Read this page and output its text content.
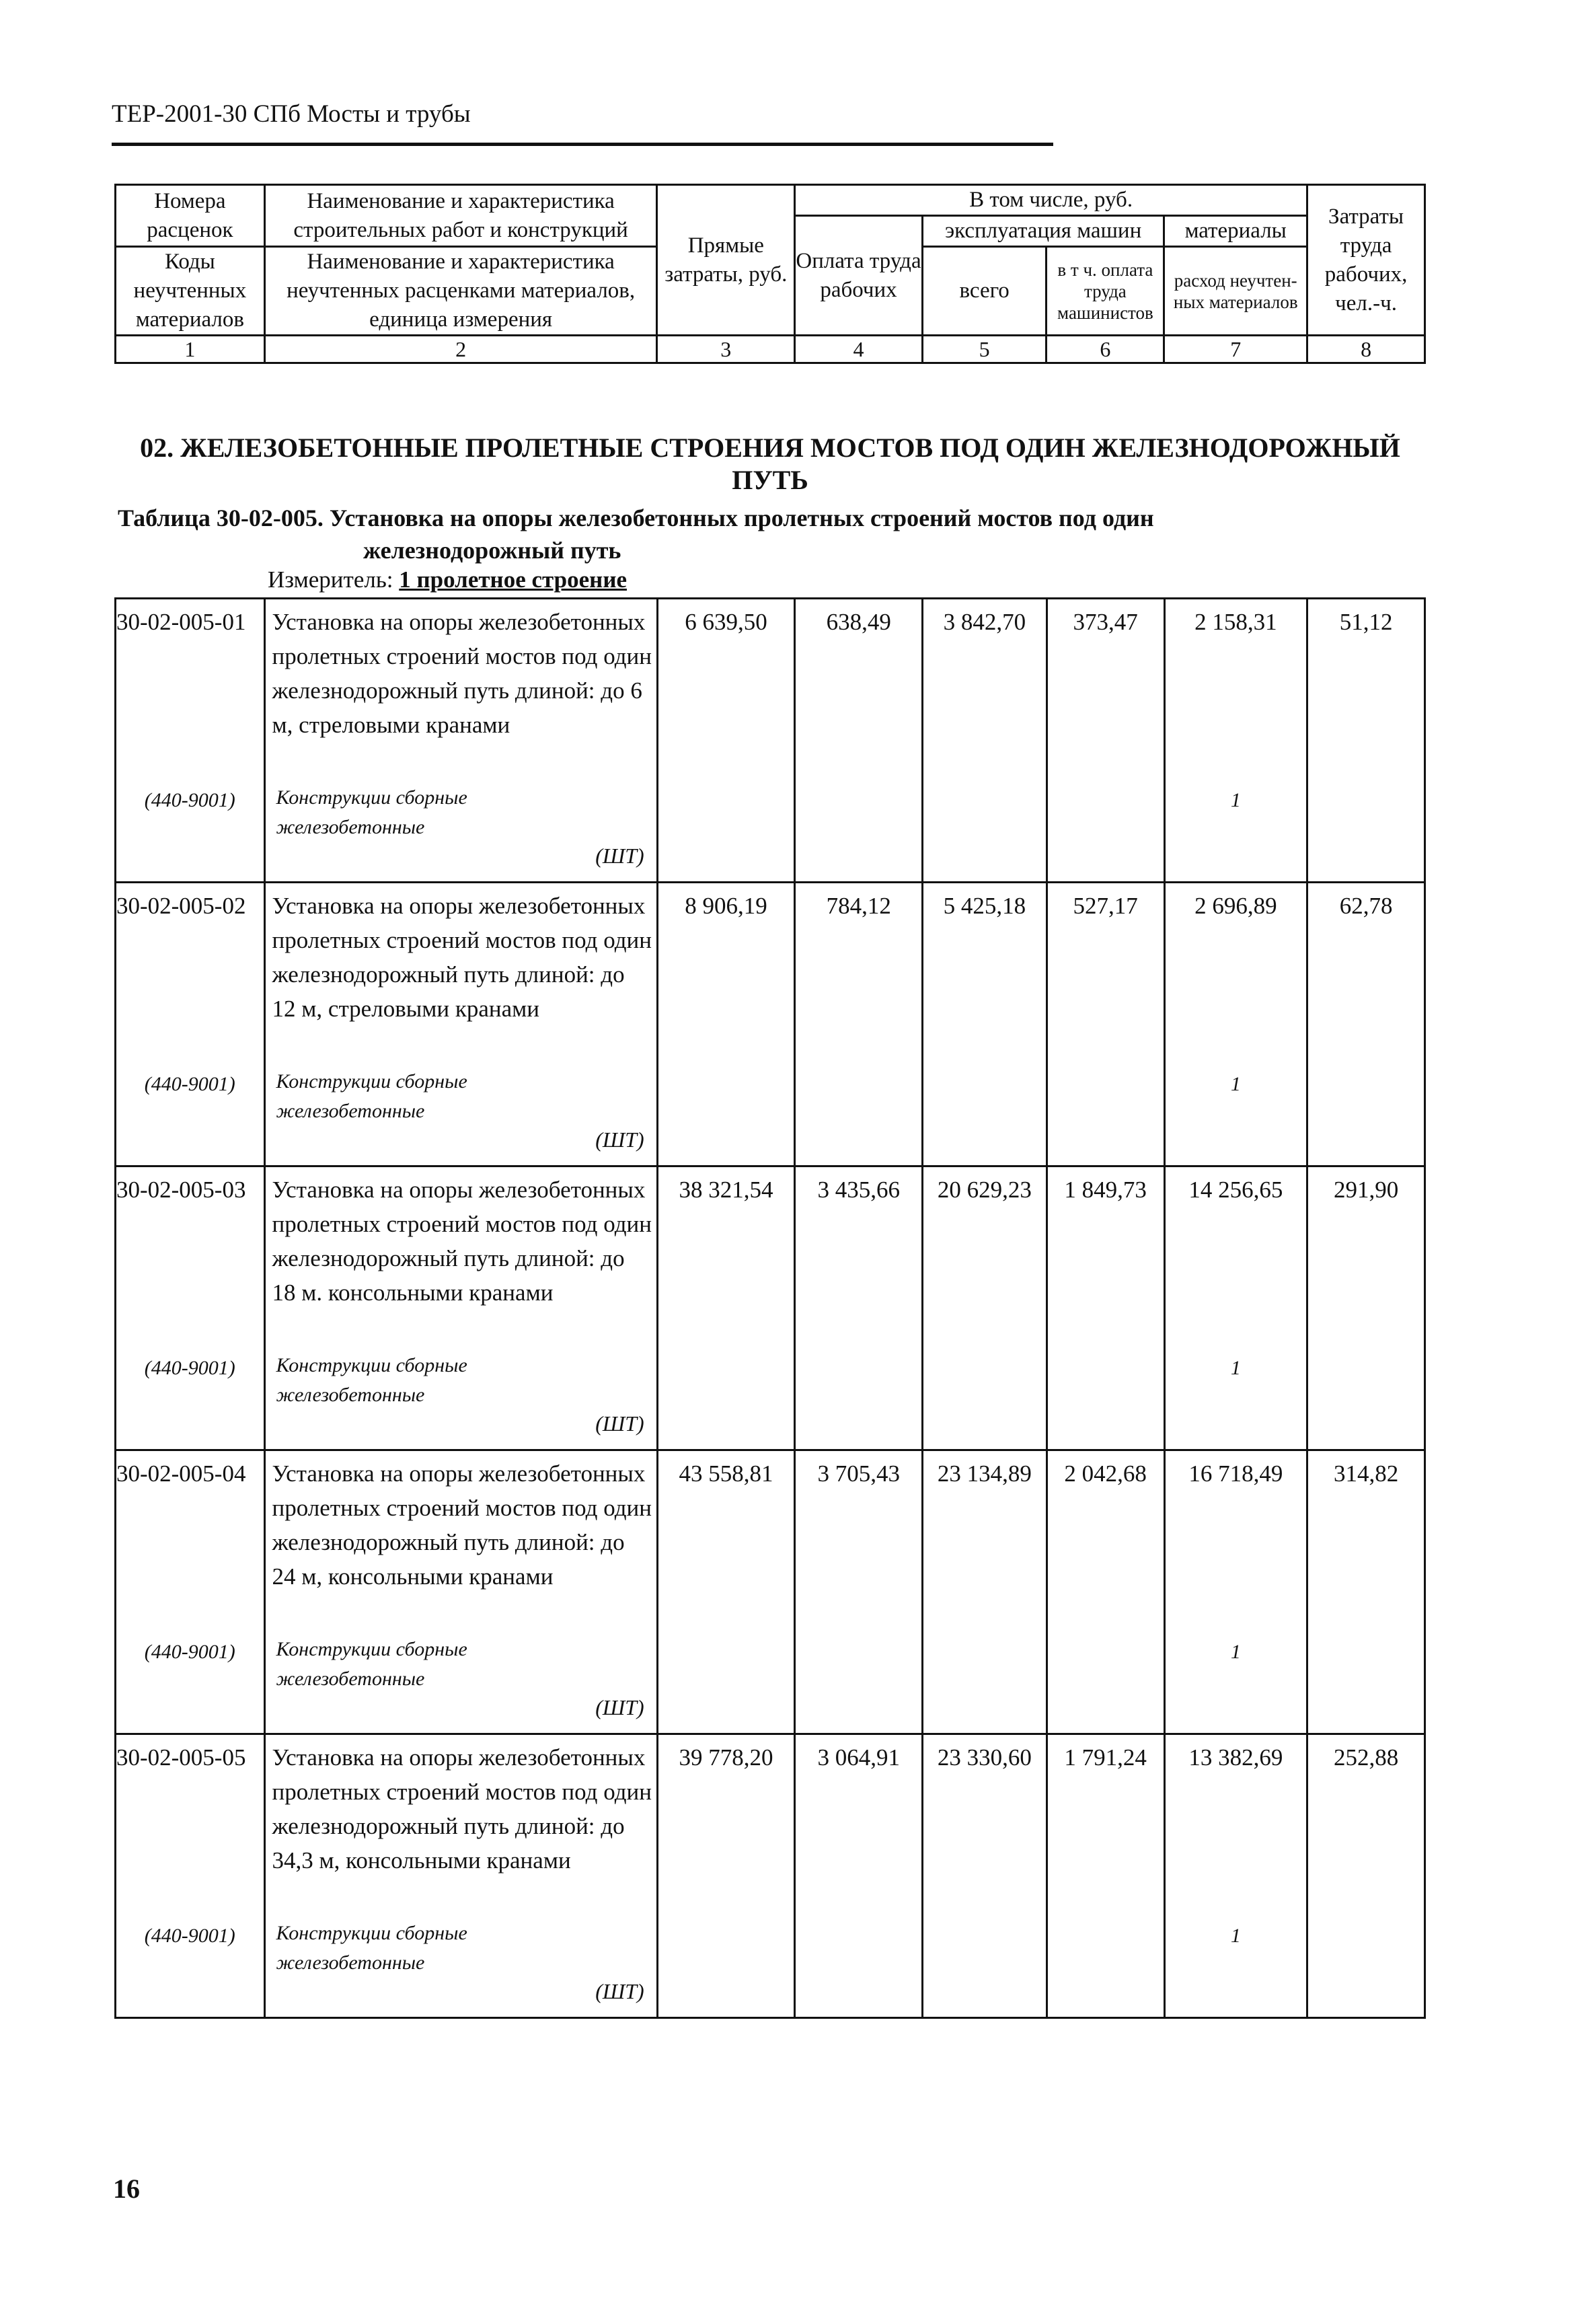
ТЕР-2001-30 СПб Мосты и трубы
Номера расценок	Наименование и характеристика строительных работ и конструкций	Прямые затраты, руб.	В том числе, руб.				Затраты труда рабочих, чел.-ч.
			Оплата труда рабочих	эксплуатация машин		материалы	
Коды неучтенных материалов	Наименование и характеристика неучтенных расценками материалов, единица измерения			всего	в т ч. оплата труда машинистов	расход неучтен-ных материалов	

1	2	3	4	5	6	7	8
02. ЖЕЛЕЗОБЕТОННЫЕ ПРОЛЕТНЫЕ СТРОЕНИЯ МОСТОВ ПОД ОДИН ЖЕЛЕЗНОДОРОЖНЫЙ ПУТЬ
Таблица 30-02-005. Установка на опоры железобетонных пролетных строений мостов под один
железнодорожный путь
Измеритель: 1 пролетное строение
30-02-005-01	Установка на опоры железобетонных пролетных строений мостов под один железнодорожный путь длиной: до 6 м, стреловыми кранами	6 639,50	638,49	3 842,70	373,47	2 158,31	51,12
(440-9001)	Конструкции сборные железобетонные
(ШТ)					1	
30-02-005-02	Установка на опоры железобетонных пролетных строений мостов под один железнодорожный путь длиной: до 12 м, стреловыми кранами	8 906,19	784,12	5 425,18	527,17	2 696,89	62,78
(440-9001)	Конструкции сборные железобетонные
(ШТ)					1	
30-02-005-03	Установка на опоры железобетонных пролетных строений мостов под один железнодорожный путь длиной: до 18 м. консольными кранами	38 321,54	3 435,66	20 629,23	1 849,73	14 256,65	291,90
(440-9001)	Конструкции сборные железобетонные
(ШТ)					1	
30-02-005-04	Установка на опоры железобетонных пролетных строений мостов под один железнодорожный путь длиной: до 24 м, консольными кранами	43 558,81	3 705,43	23 134,89	2 042,68	16 718,49	314,82
(440-9001)	Конструкции сборные железобетонные
(ШТ)					1	
30-02-005-05	Установка на опоры железобетонных пролетных строений мостов под один железнодорожный путь длиной: до 34,3 м, консольными кранами	39 778,20	3 064,91	23 330,60	1 791,24	13 382,69	252,88
(440-9001)	Конструкции сборные железобетонные
(ШТ)					1	
16
